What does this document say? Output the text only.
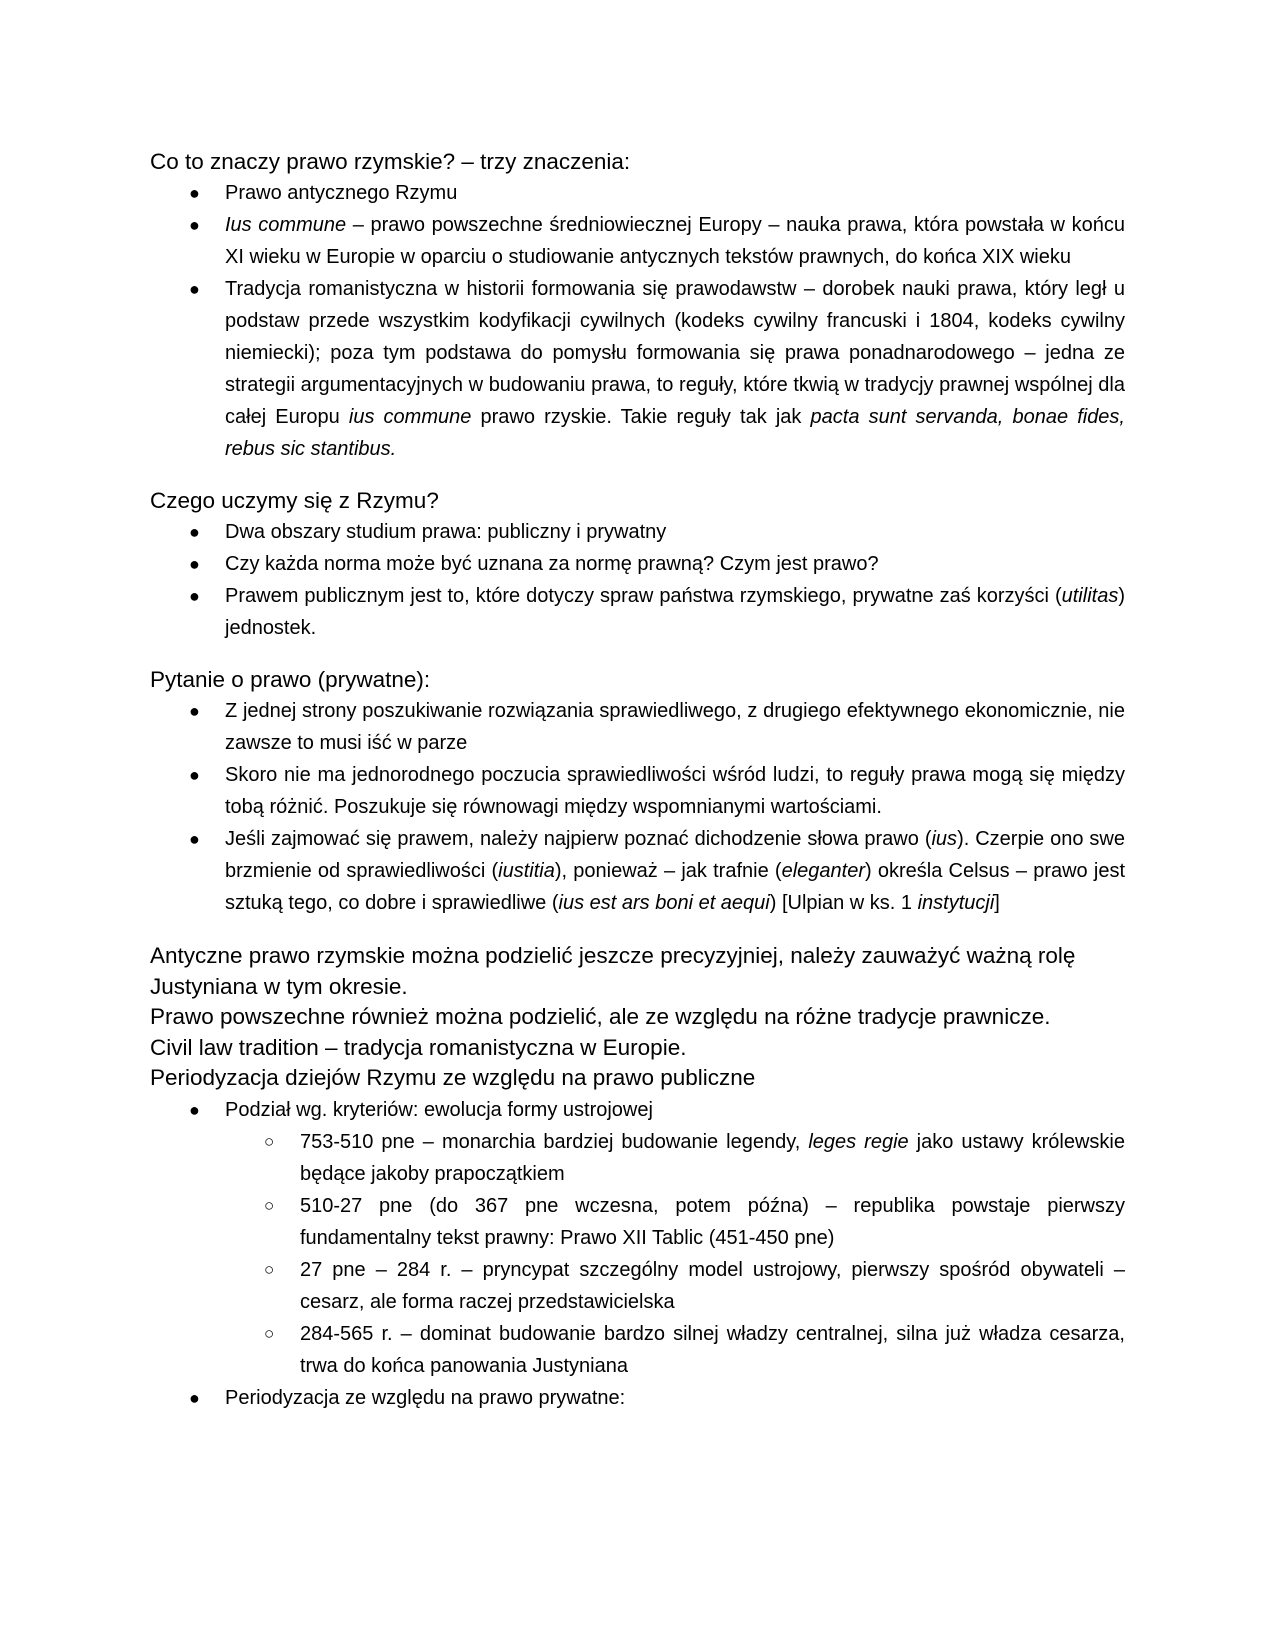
Co to znaczy prawo rzymskie? – trzy znaczenia:

● Prawo antycznego Rzymu
● Ius commune – prawo powszechne średniowiecznej Europy – nauka prawa, która powstała w końcu XI wieku w Europie w oparciu o studiowanie antycznych tekstów prawnych, do końca XIX wieku
● Tradycja romanistyczna w historii formowania się prawodawstw – dorobek nauki prawa, który legł u podstaw przede wszystkim kodyfikacji cywilnych (kodeks cywilny francuski i 1804, kodeks cywilny niemiecki); poza tym podstawa do pomysłu formowania się prawa ponadnarodowego – jedna ze strategii argumentacyjnych w budowaniu prawa, to reguły, które tkwią w tradycjy prawnej wspólnej dla całej Europu ius commune prawo rzyskie. Takie reguły tak jak pacta sunt servanda, bonae fides, rebus sic stantibus.

Czego uczymy się z Rzymu?

● Dwa obszary studium prawa: publiczny i prywatny
● Czy każda norma może być uznana za normę prawną? Czym jest prawo?
● Prawem publicznym jest to, które dotyczy spraw państwa rzymskiego, prywatne zaś korzyści (utilitas) jednostek.

Pytanie o prawo (prywatne):

● Z jednej strony poszukiwanie rozwiązania sprawiedliwego, z drugiego efektywnego ekonomicznie, nie zawsze to musi iść w parze
● Skoro nie ma jednorodnego poczucia sprawiedliwości wśród ludzi, to reguły prawa mogą się między tobą różnić. Poszukuje się równowagi między wspomnianymi wartościami.
● Jeśli zajmować się prawem, należy najpierw poznać dichodzenie słowa prawo (ius). Czerpie ono swe brzmienie od sprawiedliwości (iustitia), ponieważ – jak trafnie (eleganter) określa Celsus – prawo jest sztuką tego, co dobre i sprawiedliwe (ius est ars boni et aequi) [Ulpian w ks. 1 instytucji]

Antyczne prawo rzymskie można podzielić jeszcze precyzyjniej, należy zauważyć ważną rolę Justyniana w tym okresie.

Prawo powszechne również można podzielić, ale ze względu na różne tradycje prawnicze.

Civil law tradition – tradycja romanistyczna w Europie.

Periodyzacja dziejów Rzymu ze względu na prawo publiczne

● Podział wg. kryteriów: ewolucja formy ustrojowej
○ 753-510 pne – monarchia bardziej budowanie legendy, leges regie jako ustawy królewskie będące jakoby prapoczątkiem
○ 510-27 pne (do 367 pne wczesna, potem późna) – republika powstaje pierwszy fundamentalny tekst prawny: Prawo XII Tablic (451-450 pne)
○ 27 pne – 284 r. – pryncypat szczególny model ustrojowy, pierwszy spośród obywateli – cesarz, ale forma raczej przedstawicielska
○ 284-565 r. – dominat budowanie bardzo silnej władzy centralnej, silna już władza cesarza, trwa do końca panowania Justyniana
● Periodyzacja ze względu na prawo prywatne:
